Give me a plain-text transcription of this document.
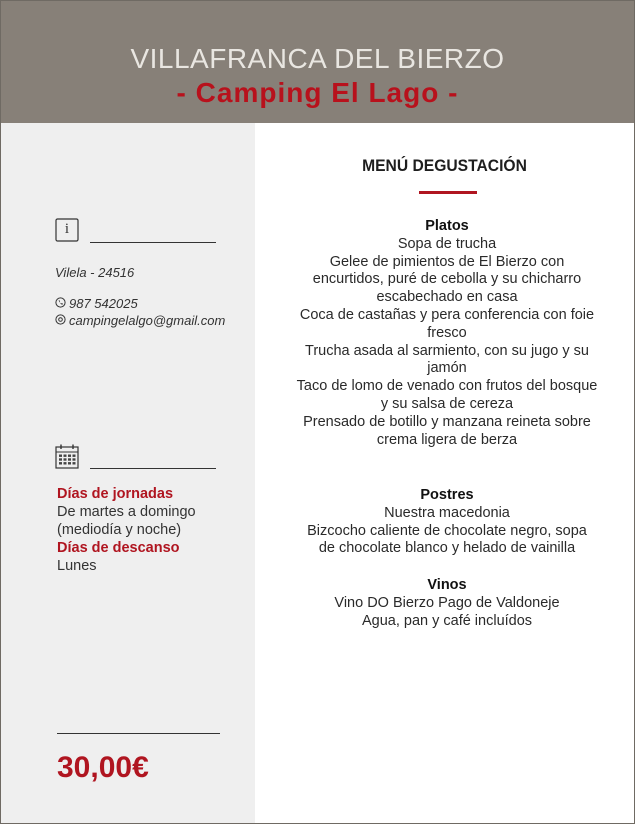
VILLAFRANCA DEL BIERZO
- Camping El Lago -
i
Vilela - 24516
987 542025
campingelalgo@gmail.com
Días de jornadas
De martes a domingo
(mediodía y noche)
Días de descanso
Lunes
30,00€
MENÚ DEGUSTACIÓN
Platos
Sopa de trucha
Gelee de pimientos de El Bierzo con
encurtidos, puré de cebolla y su chicharro
escabechado en casa
Coca de castañas y pera conferencia con foie
fresco
Trucha asada al sarmiento, con su jugo y su
jamón
Taco de lomo de venado con frutos del bosque
y su salsa de cereza
Prensado de botillo y manzana reineta sobre
crema ligera de berza
Postres
Nuestra macedonia
Bizcocho caliente de chocolate negro, sopa
de chocolate blanco y helado de vainilla
Vinos
Vino DO Bierzo Pago de Valdoneje
Agua, pan y café incluídos
